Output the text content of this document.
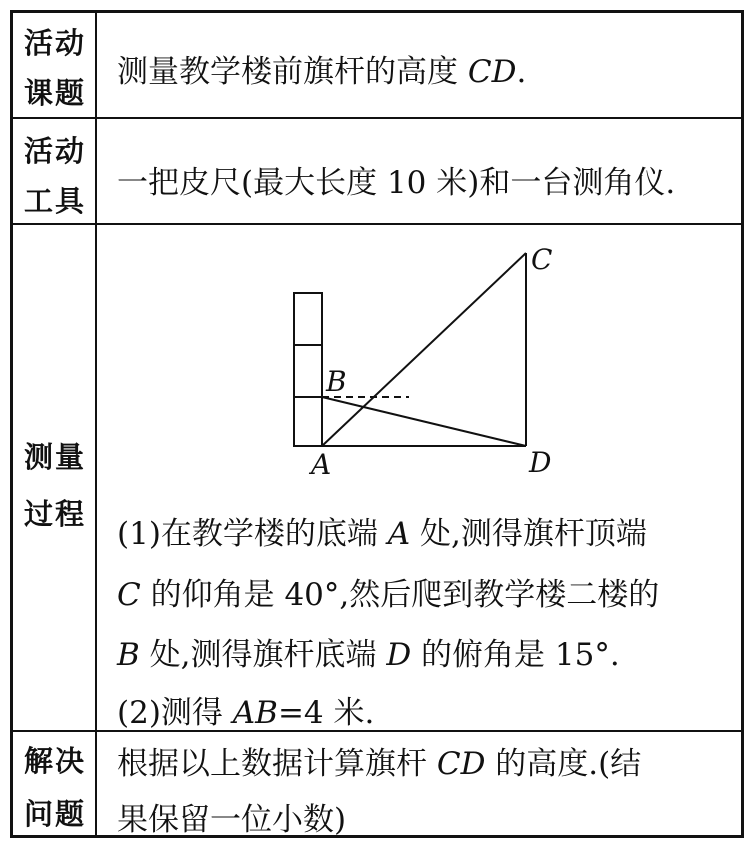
活动
课题
测量教学楼前旗杆的高度 CD.
活动
工具	一把皮尺(最大长度 10 米)和一台测角仪.
测量
过程
A
B
C
D
(1)在教学楼的底端 A 处,测得旗杆顶端
C 的仰角是 40°,然后爬到教学楼二楼的
B 处,测得旗杆底端 D 的俯角是 15°.
(2)测得 AB=4 米.
解决
问题
根据以上数据计算旗杆 CD 的高度.(结
果保留一位小数)
